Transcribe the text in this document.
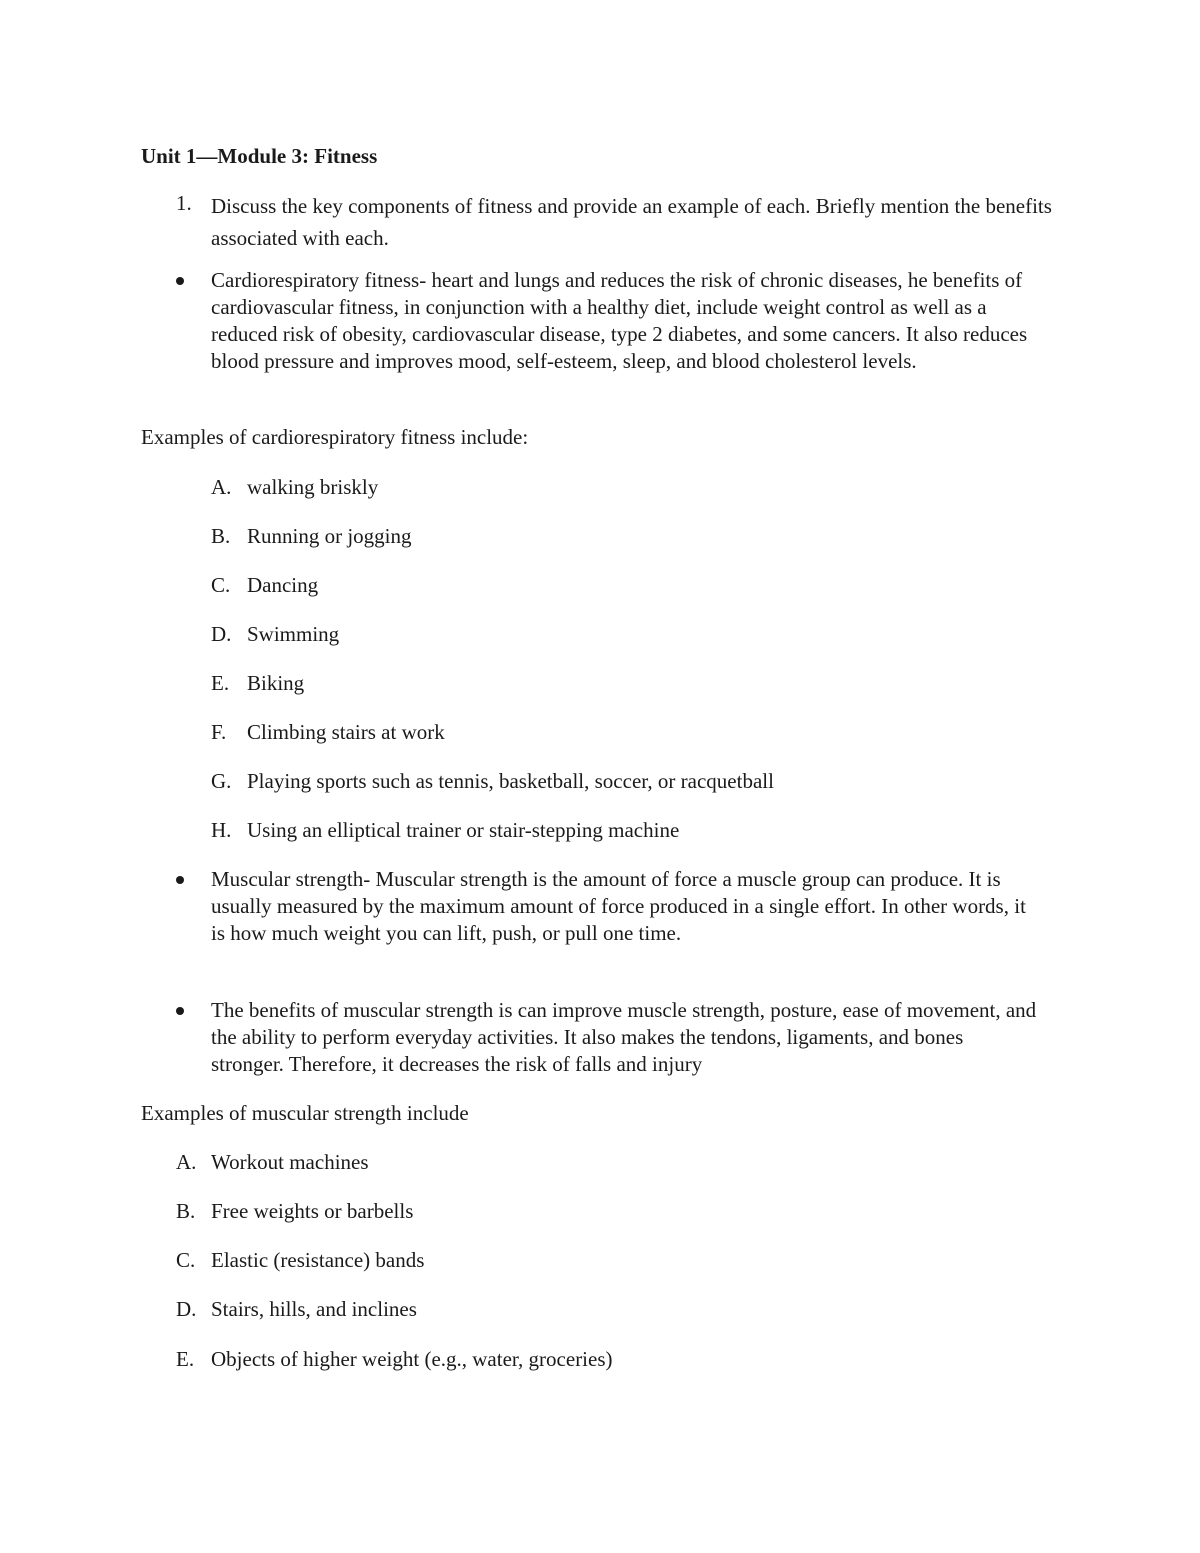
Unit 1—Module 3: Fitness
1. Discuss the key components of fitness and provide an example of each. Briefly mention the benefits associated with each.
Cardiorespiratory fitness- heart and lungs and reduces the risk of chronic diseases, he benefits of cardiovascular fitness, in conjunction with a healthy diet, include weight control as well as a reduced risk of obesity, cardiovascular disease, type 2 diabetes, and some cancers. It also reduces blood pressure and improves mood, self-esteem, sleep, and blood cholesterol levels.
Examples of cardiorespiratory fitness include:
A. walking briskly
B. Running or jogging
C. Dancing
D. Swimming
E. Biking
F. Climbing stairs at work
G. Playing sports such as tennis, basketball, soccer, or racquetball
H. Using an elliptical trainer or stair-stepping machine
Muscular strength- Muscular strength is the amount of force a muscle group can produce. It is usually measured by the maximum amount of force produced in a single effort. In other words, it is how much weight you can lift, push, or pull one time.
The benefits of muscular strength is can improve muscle strength, posture, ease of movement, and the ability to perform everyday activities. It also makes the tendons, ligaments, and bones stronger. Therefore, it decreases the risk of falls and injury
Examples of muscular strength include
A. Workout machines
B. Free weights or barbells
C. Elastic (resistance) bands
D. Stairs, hills, and inclines
E. Objects of higher weight (e.g., water, groceries)
